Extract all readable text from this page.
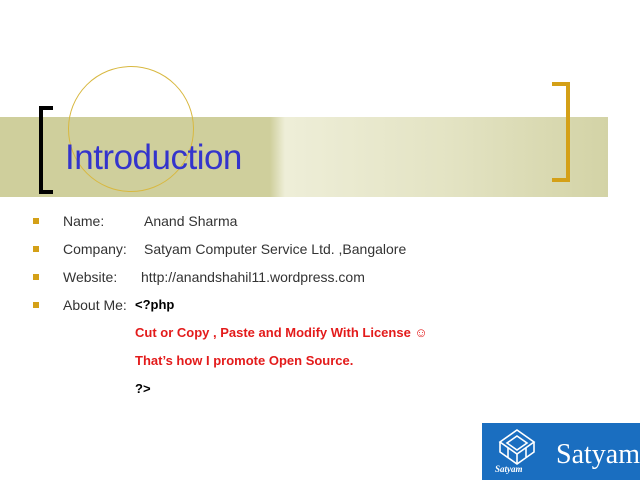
Introduction
Name:	Anand Sharma
Company: Satyam Computer Service Ltd. ,Bangalore
Website: http://anandshahil11.wordpress.com
About Me: <?php
Cut or Copy , Paste and Modify With License ☺
That’s how I promote Open Source.
?>
Satyam Satyam
